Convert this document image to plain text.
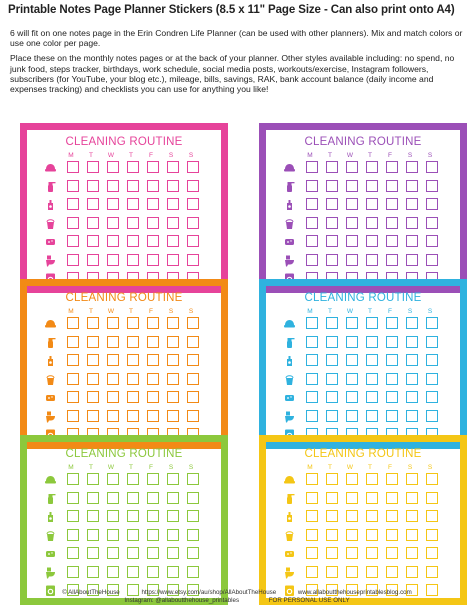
Printable Notes Page Planner Stickers (8.5 x 11" Page Size - Can also print onto A4)

6 will fit on one notes page in the Erin Condren Life Planner (can be used with other planners). Mix and match colors or use one color per page.

Place these on the monthly notes pages or at the back of your planner. Other styles available including: no spend, no junk food, steps tracker, birthdays, work schedule, social media posts, workouts/exercise, Instagram followers, subscribers (for YouTube, your blog etc.), mileage, bills, savings, RAK, bank account balance (daily income and expenses tracking) and checklists you can use for anything you like!

CLEANING ROUTINE
M	T	W	T	F	S	S
CLEANING ROUTINE
M	T	W	T	F	S	S
CLEANING ROUTINE
M	T	W	T	F	S	S
CLEANING ROUTINE
M	T	W	T	F	S	S
CLEANING ROUTINE
M	T	W	T	F	S	S
CLEANING ROUTINE
M	T	W	T	F	S	S
© AllAboutTheHouse	https://www.etsy.com/au/shop/AllAboutTheHouse	www.allaboutthehouseprintablesblog.com
Instagram: @allaboutthehouse_printables	FOR PERSONAL USE ONLY
